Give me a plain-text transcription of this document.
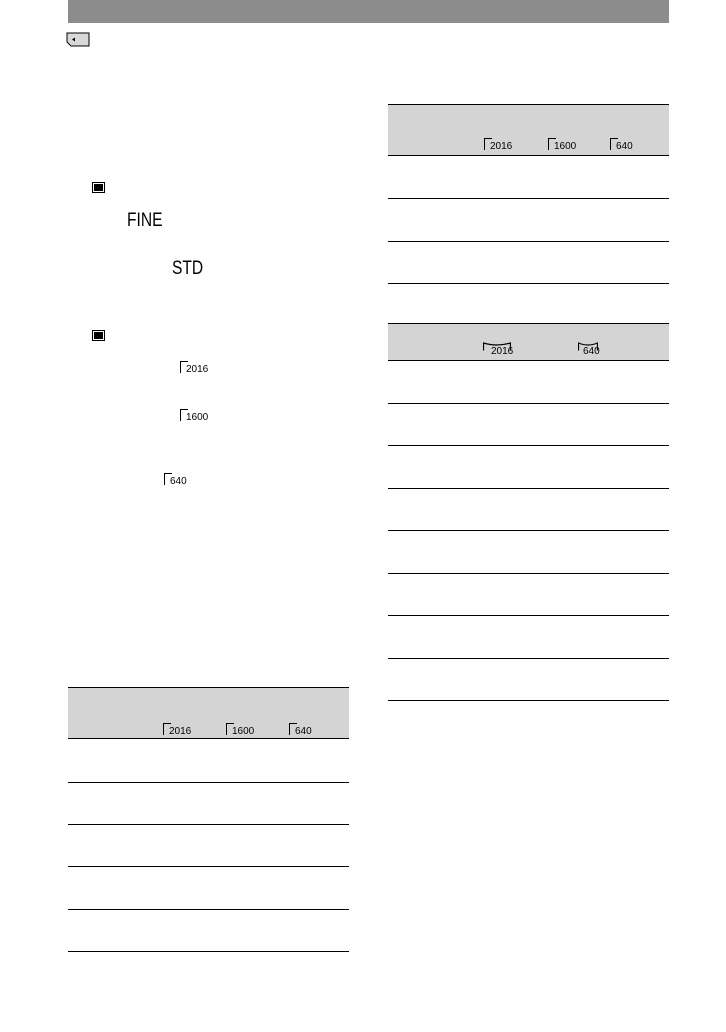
FINE
STD
2016
1600
640
2016	1600	640
2016	1600	640
2016	640
